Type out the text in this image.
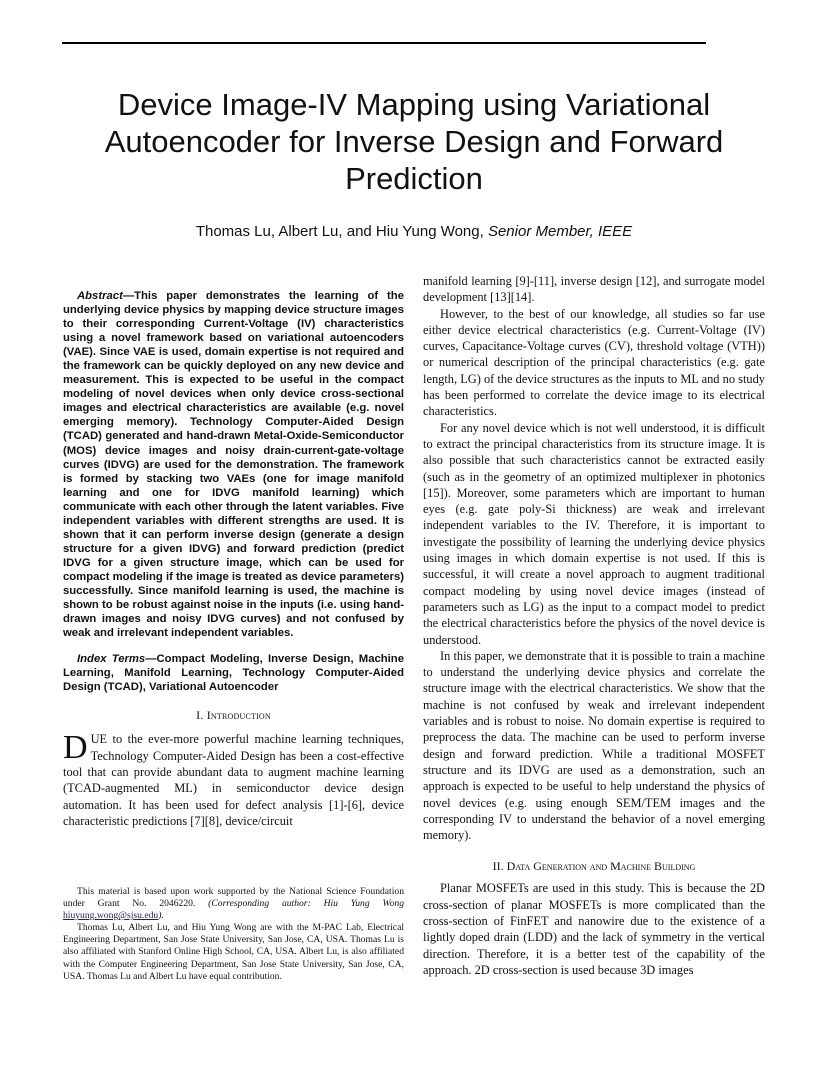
Device Image-IV Mapping using Variational Autoencoder for Inverse Design and Forward Prediction
Thomas Lu, Albert Lu, and Hiu Yung Wong, Senior Member, IEEE

Abstract—This paper demonstrates the learning of the underlying device physics by mapping device structure images to their corresponding Current-Voltage (IV) characteristics using a novel framework based on variational autoencoders (VAE). Since VAE is used, domain expertise is not required and the framework can be quickly deployed on any new device and measurement. This is expected to be useful in the compact modeling of novel devices when only device cross-sectional images and electrical characteristics are available (e.g. novel emerging memory). Technology Computer-Aided Design (TCAD) generated and hand-drawn Metal-Oxide-Semiconductor (MOS) device images and noisy drain-current-gate-voltage curves (IDVG) are used for the demonstration. The framework is formed by stacking two VAEs (one for image manifold learning and one for IDVG manifold learning) which communicate with each other through the latent variables. Five independent variables with different strengths are used. It is shown that it can perform inverse design (generate a design structure for a given IDVG) and forward prediction (predict IDVG for a given structure image, which can be used for compact modeling if the image is treated as device parameters) successfully. Since manifold learning is used, the machine is shown to be robust against noise in the inputs (i.e. using hand-drawn images and noisy IDVG curves) and not confused by weak and irrelevant independent variables.

Index Terms—Compact Modeling, Inverse Design, Machine Learning, Manifold Learning, Technology Computer-Aided Design (TCAD), Variational Autoencoder

I. Introduction

DUE to the ever-more powerful machine learning techniques, Technology Computer-Aided Design has been a cost-effective tool that can provide abundant data to augment machine learning (TCAD-augmented ML) in semiconductor device design automation. It has been used for defect analysis [1]-[6], device characteristic predictions [7][8], device/circuit

This material is based upon work supported by the National Science Foundation under Grant No. 2046220. (Corresponding author: Hiu Yung Wong hiuyung.wong@sjsu.edu).

Thomas Lu, Albert Lu, and Hiu Yung Wong are with the M-PAC Lab, Electrical Engineering Department, San Jose State University, San Jose, CA, USA. Thomas Lu is also affiliated with Stanford Online High School, CA, USA. Albert Lu, is also affiliated with the Computer Engineering Department, San Jose State University, San Jose, CA, USA. Thomas Lu and Albert Lu have equal contribution.

manifold learning [9]-[11], inverse design [12], and surrogate model development [13][14].

However, to the best of our knowledge, all studies so far use either device electrical characteristics (e.g. Current-Voltage (IV) curves, Capacitance-Voltage curves (CV), threshold voltage (VTH)) or numerical description of the principal characteristics (e.g. gate length, LG) of the device structures as the inputs to ML and no study has been performed to correlate the device image to its electrical characteristics.

For any novel device which is not well understood, it is difficult to extract the principal characteristics from its structure image. It is also possible that such characteristics cannot be extracted easily (such as in the geometry of an optimized multiplexer in photonics [15]). Moreover, some parameters which are important to human eyes (e.g. gate poly-Si thickness) are weak and irrelevant independent variables to the IV. Therefore, it is important to investigate the possibility of learning the underlying device physics using images in which domain expertise is not used. If this is successful, it will create a novel approach to augment traditional compact modeling by using novel device images (instead of parameters such as LG) as the input to a compact model to predict the electrical characteristics before the physics of the novel device is understood.

In this paper, we demonstrate that it is possible to train a machine to understand the underlying device physics and correlate the structure image with the electrical characteristics. We show that the machine is not confused by weak and irrelevant independent variables and is robust to noise. No domain expertise is required to preprocess the data. The machine can be used to perform inverse design and forward prediction. While a traditional MOSFET structure and its IDVG are used as a demonstration, such an approach is expected to be useful to help understand the physics of novel devices (e.g. using enough SEM/TEM images and the corresponding IV to understand the behavior of a novel emerging memory).

II. Data Generation and Machine Building

Planar MOSFETs are used in this study. This is because the 2D cross-section of planar MOSFETs is more complicated than the cross-section of FinFET and nanowire due to the existence of a lightly doped drain (LDD) and the lack of symmetry in the vertical direction. Therefore, it is a better test of the capability of the approach. 2D cross-section is used because 3D images
